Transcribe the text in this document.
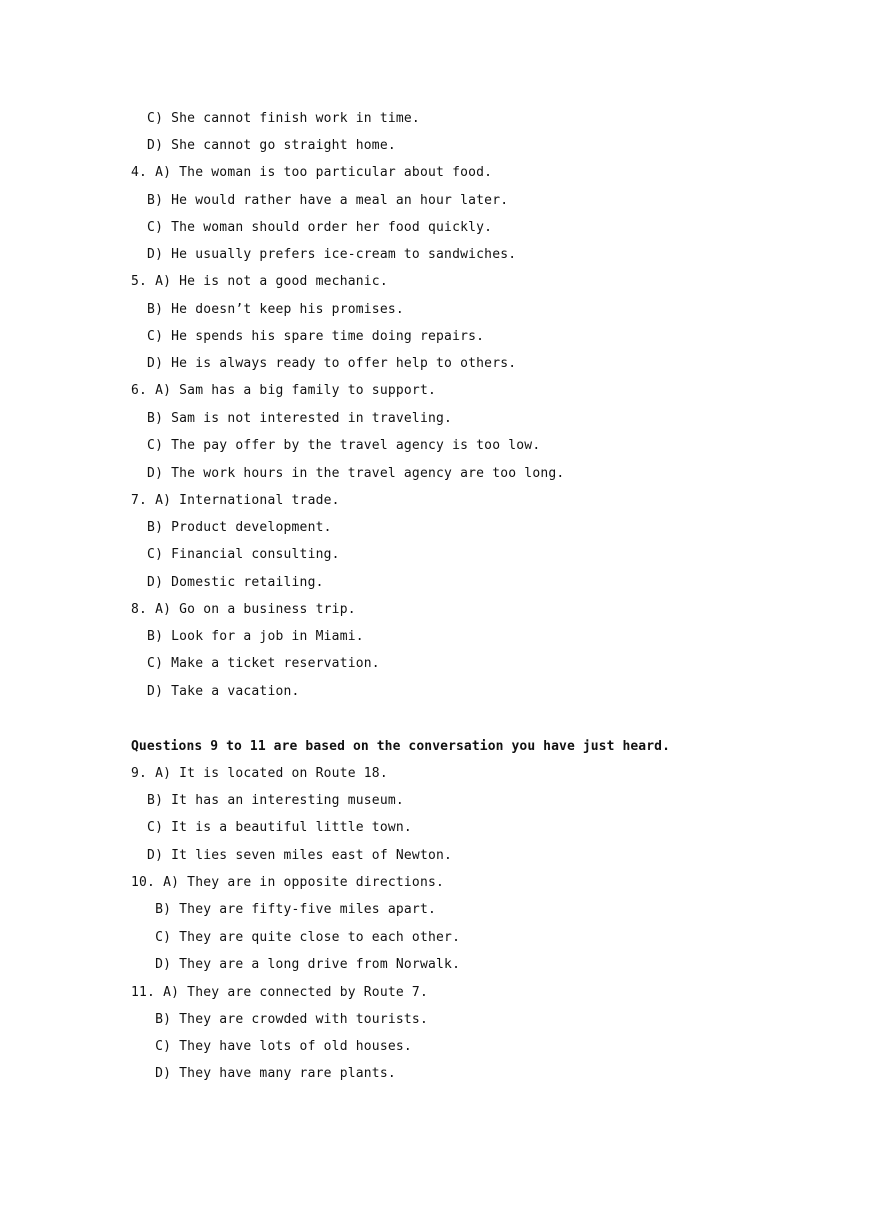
C) She cannot finish work in time.
D) She cannot go straight home.
4. A) The woman is too particular about food.
B) He would rather have a meal an hour later.
C) The woman should order her food quickly.
D) He usually prefers ice-cream to sandwiches.
5. A) He is not a good mechanic.
B) He doesn’t keep his promises.
C) He spends his spare time doing repairs.
D) He is always ready to offer help to others.
6. A) Sam has a big family to support.
B) Sam is not interested in traveling.
C) The pay offer by the travel agency is too low.
D) The work hours in the travel agency are too long.
7. A) International trade.
B) Product development.
C) Financial consulting.
D) Domestic retailing.
8. A) Go on a business trip.
B) Look for a job in Miami.
C) Make a ticket reservation.
D) Take a vacation.
Questions 9 to 11 are based on the conversation you have just heard.
9. A) It is located on Route 18.
B) It has an interesting museum.
C) It is a beautiful little town.
D) It lies seven miles east of Newton.
10. A) They are in opposite directions.
B) They are fifty-five miles apart.
C) They are quite close to each other.
D) They are a long drive from Norwalk.
11. A) They are connected by Route 7.
B) They are crowded with tourists.
C) They have lots of old houses.
D) They have many rare plants.
